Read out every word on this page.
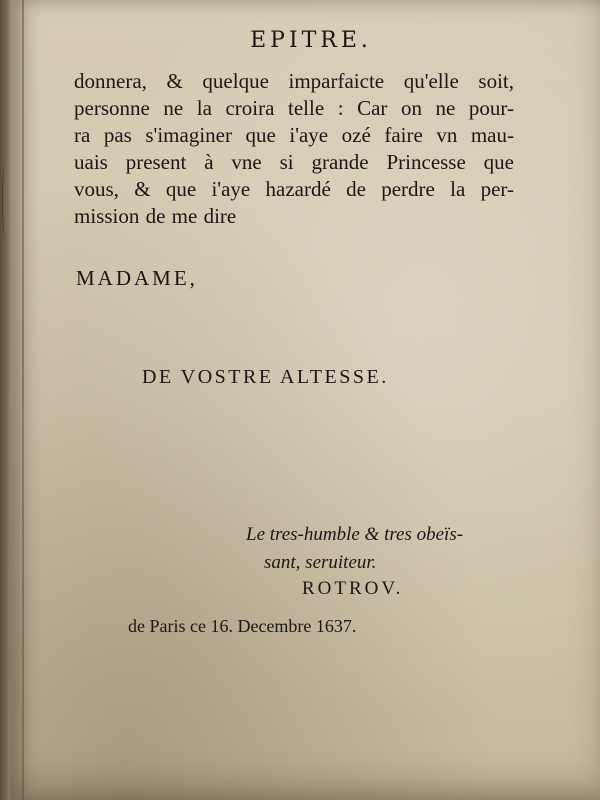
EPITRE.
donnera, & quelque imparfaicte qu'elle soit,
personne ne la croira telle : Car on ne pour-
ra pas s'imaginer que i'aye ozé faire vn mau-
uais present à vne si grande Princesse que
vous, & que i'aye hazardé de perdre la per-
mission de me dire
MADAME,
DE VOSTRE ALTESSE.
Le tres-humble & tres obeïs-
sant, seruiteur.
ROTROV.
de Paris ce 16. Decembre 1637.
